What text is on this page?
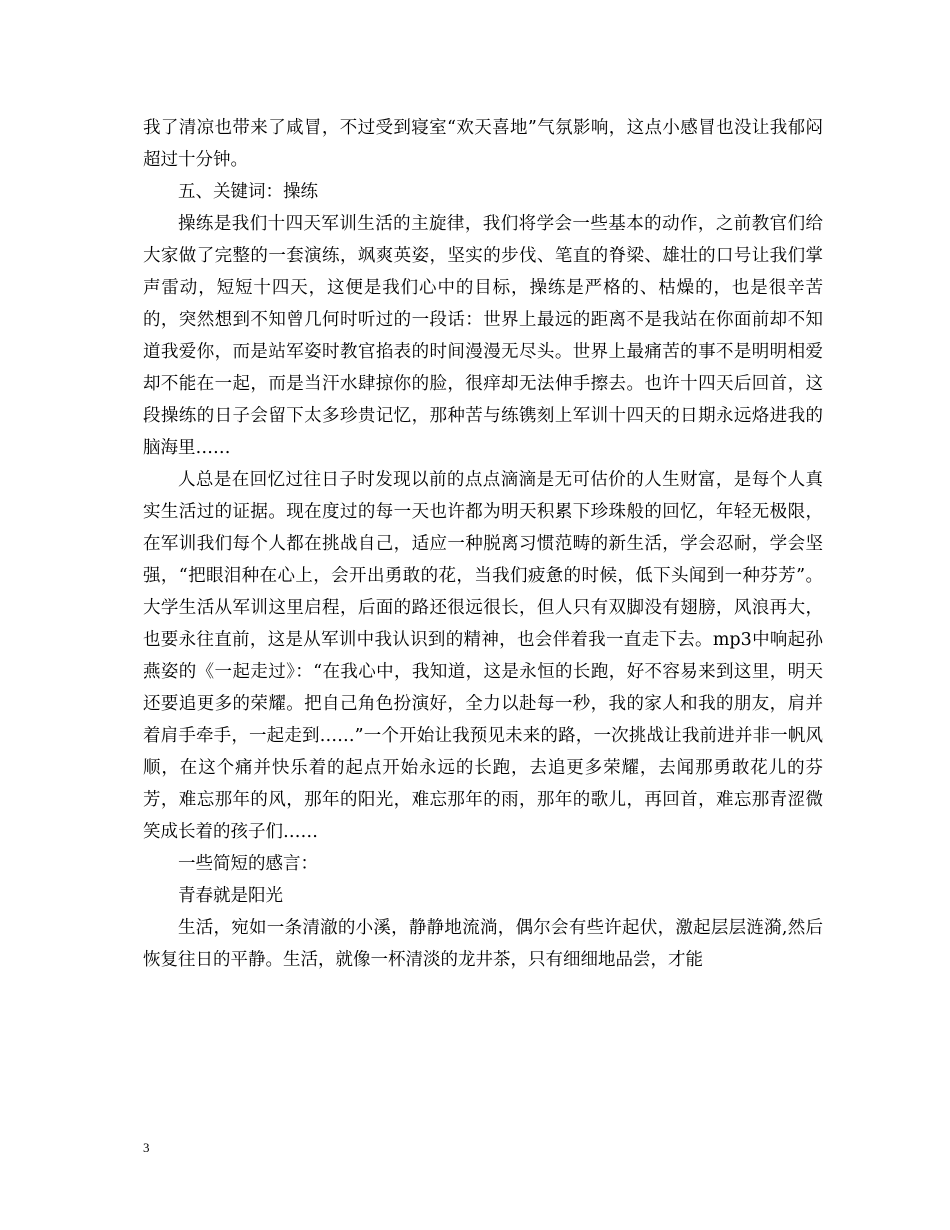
我了清凉也带来了咸冒，不过受到寝室“欢天喜地”气氛影响，这点小感冒也没让我郁闷超过十分钟。

五、关键词：操练

操练是我们十四天军训生活的主旋律，我们将学会一些基本的动作，之前教官们给大家做了完整的一套演练，飒爽英姿，坚实的步伐、笔直的脊梁、雄壮的口号让我们掌声雷动，短短十四天，这便是我们心中的目标，操练是严格的、枯燥的，也是很辛苦的，突然想到不知曾几何时听过的一段话：世界上最远的距离不是我站在你面前却不知道我爱你，而是站军姿时教官掐表的时间漫漫无尽头。世界上最痛苦的事不是明明相爱却不能在一起，而是当汗水肆掠你的脸，很痒却无法伸手擦去。也许十四天后回首，这段操练的日子会留下太多珍贵记忆，那种苦与练镌刻上军训十四天的日期永远烙进我的脑海里……

人总是在回忆过往日子时发现以前的点点滴滴是无可估价的人生财富，是每个人真实生活过的证据。现在度过的每一天也许都为明天积累下珍珠般的回忆，年轻无极限，在军训我们每个人都在挑战自己，适应一种脱离习惯范畴的新生活，学会忍耐，学会坚强，“把眼泪种在心上，会开出勇敢的花，当我们疲惫的时候，低下头闻到一种芬芳”。大学生活从军训这里启程，后面的路还很远很长，但人只有双脚没有翅膀，风浪再大，也要永往直前，这是从军训中我认识到的精神，也会伴着我一直走下去。mp3中响起孙燕姿的《一起走过》：“在我心中，我知道，这是永恒的长跑，好不容易来到这里，明天还要追更多的荣耀。把自己角色扮演好，全力以赴每一秒，我的家人和我的朋友，肩并着肩手牵手，一起走到……”一个开始让我预见未来的路，一次挑战让我前进并非一帆风顺，在这个痛并快乐着的起点开始永远的长跑，去追更多荣耀，去闻那勇敢花儿的芬芳，难忘那年的风，那年的阳光，难忘那年的雨，那年的歌儿，再回首，难忘那青涩微笑成长着的孩子们……

一些简短的感言：

青春就是阳光

生活，宛如一条清澈的小溪，静静地流淌，偶尔会有些许起伏，激起层层涟漪,然后恢复往日的平静。生活，就像一杯清淡的龙井茶，只有细细地品尝，才能

3
